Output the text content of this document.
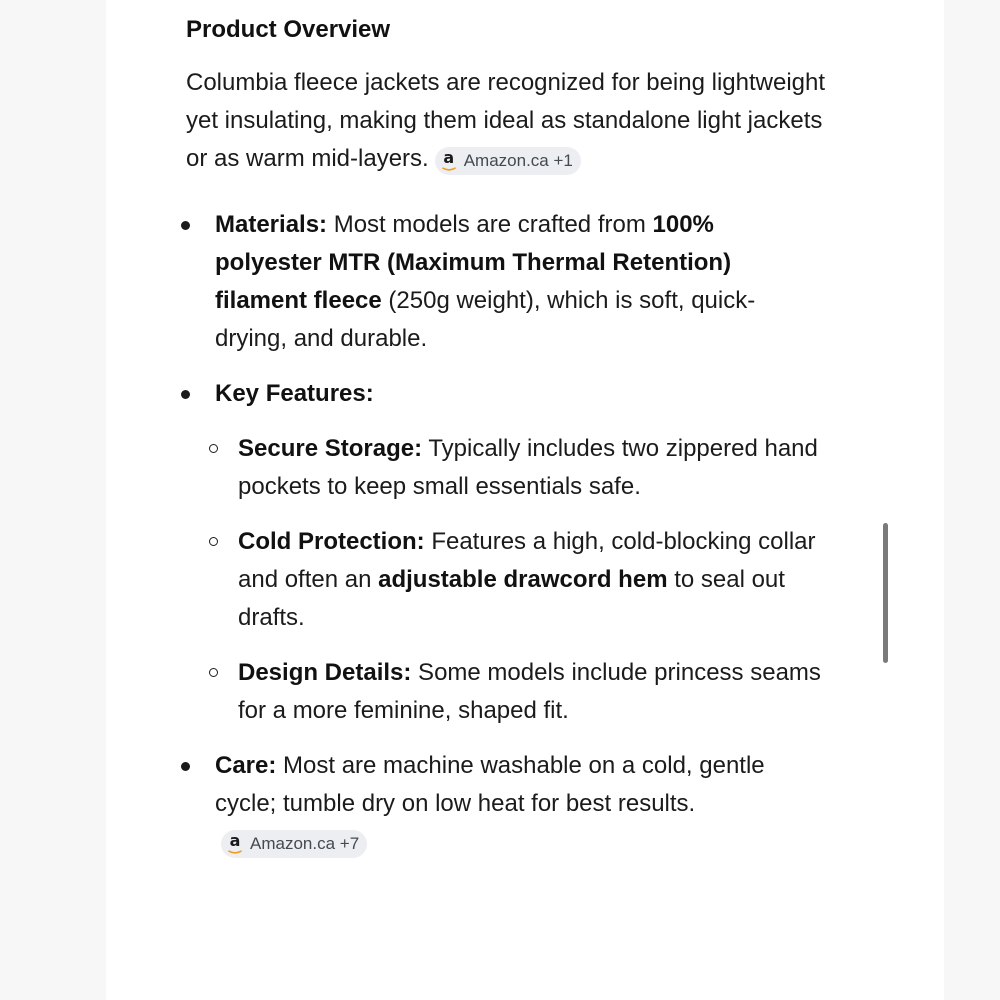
Product Overview

Columbia fleece jackets are recognized for being lightweight yet insulating, making them ideal as standalone light jackets or as warm mid-layers. a Amazon.ca +1

Materials: Most models are crafted from 100% polyester MTR (Maximum Thermal Retention) filament fleece (250g weight), which is soft, quick-drying, and durable.
Key Features:
Secure Storage: Typically includes two zippered hand pockets to keep small essentials safe.
Cold Protection: Features a high, cold-blocking collar and often an adjustable drawcord hem to seal out drafts.
Design Details: Some models include princess seams for a more feminine, shaped fit.
Care: Most are machine washable on a cold, gentle cycle; tumble dry on low heat for best results.
a Amazon.ca +7
